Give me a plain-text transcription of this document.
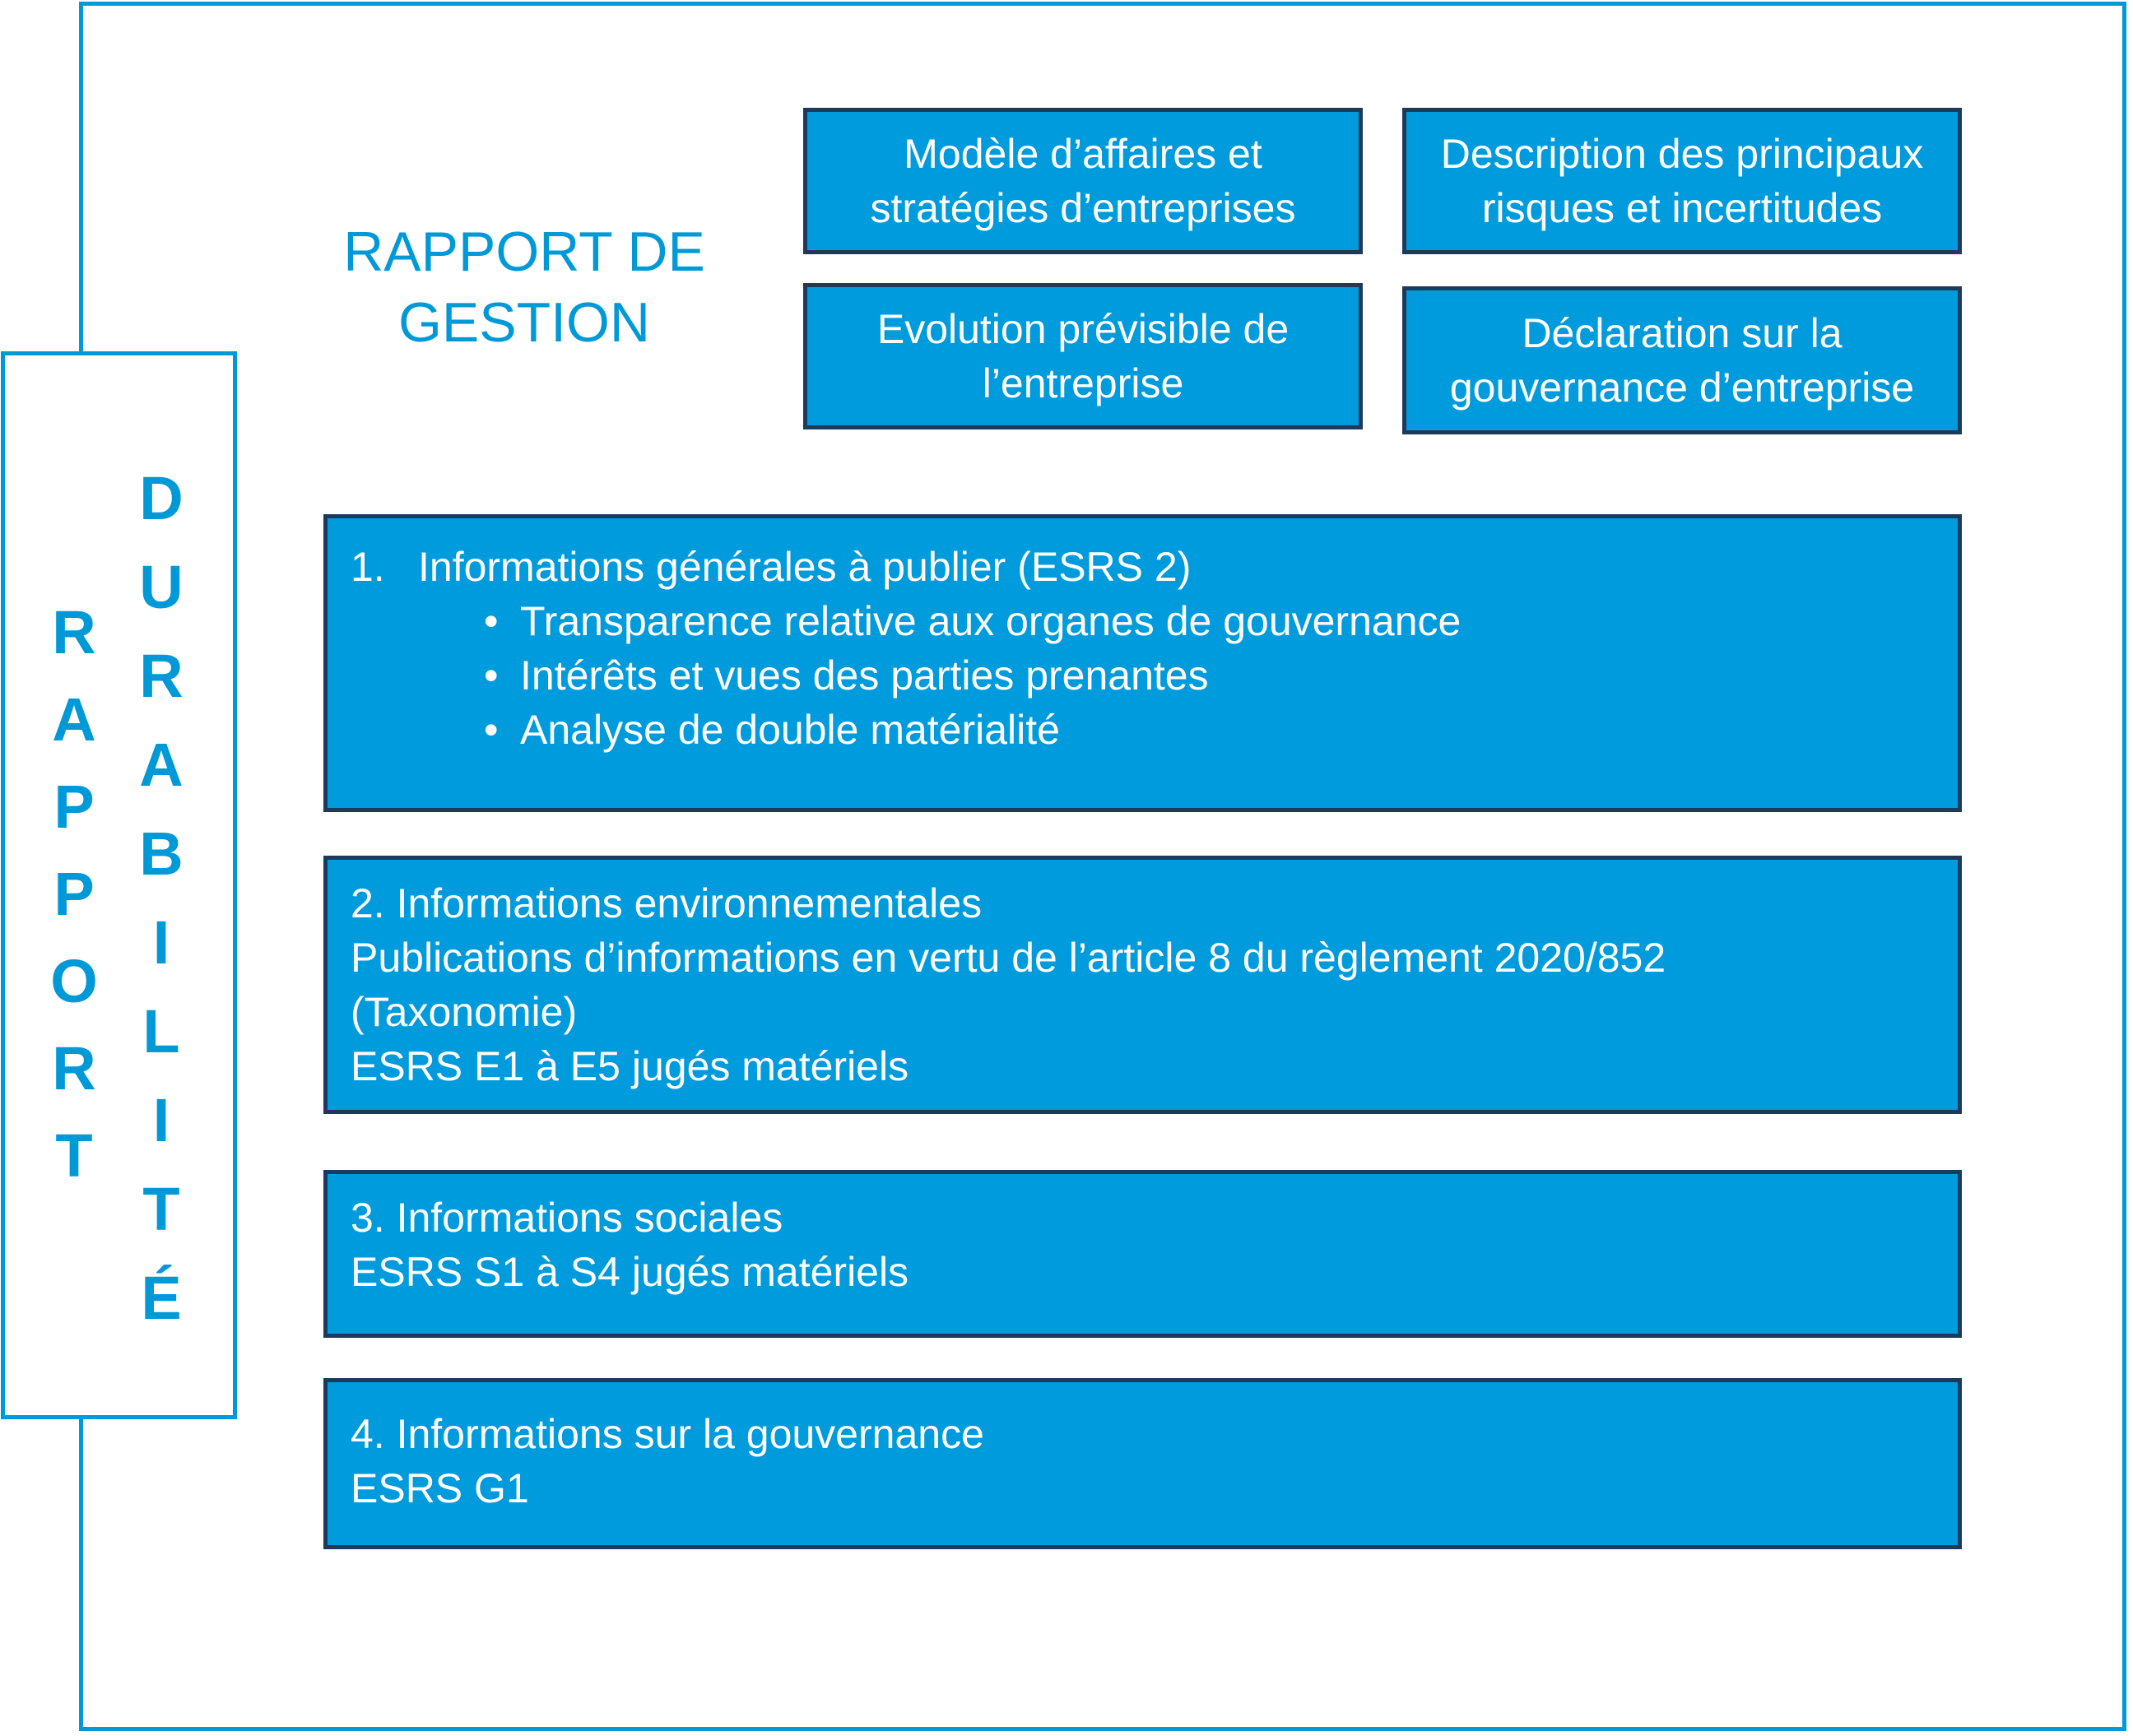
R
A
P
P
O
R
T
D
U
R
A
B
I
L
I
T
É
RAPPORT DE
GESTION
Modèle d’affaires et
stratégies d’entreprises
Description des principaux
risques et incertitudes
Evolution prévisible de
l’entreprise
Déclaration sur la
gouvernance d’entreprise
1. Informations générales à publier (ESRS 2)
• Transparence relative aux organes de gouvernance
• Intérêts et vues des parties prenantes
• Analyse de double matérialité
2. Informations environnementales
Publications d’informations en vertu de l’article 8 du règlement 2020/852
(Taxonomie)
ESRS E1 à E5 jugés matériels
3. Informations sociales
ESRS S1 à S4 jugés matériels
4. Informations sur la gouvernance
ESRS G1
